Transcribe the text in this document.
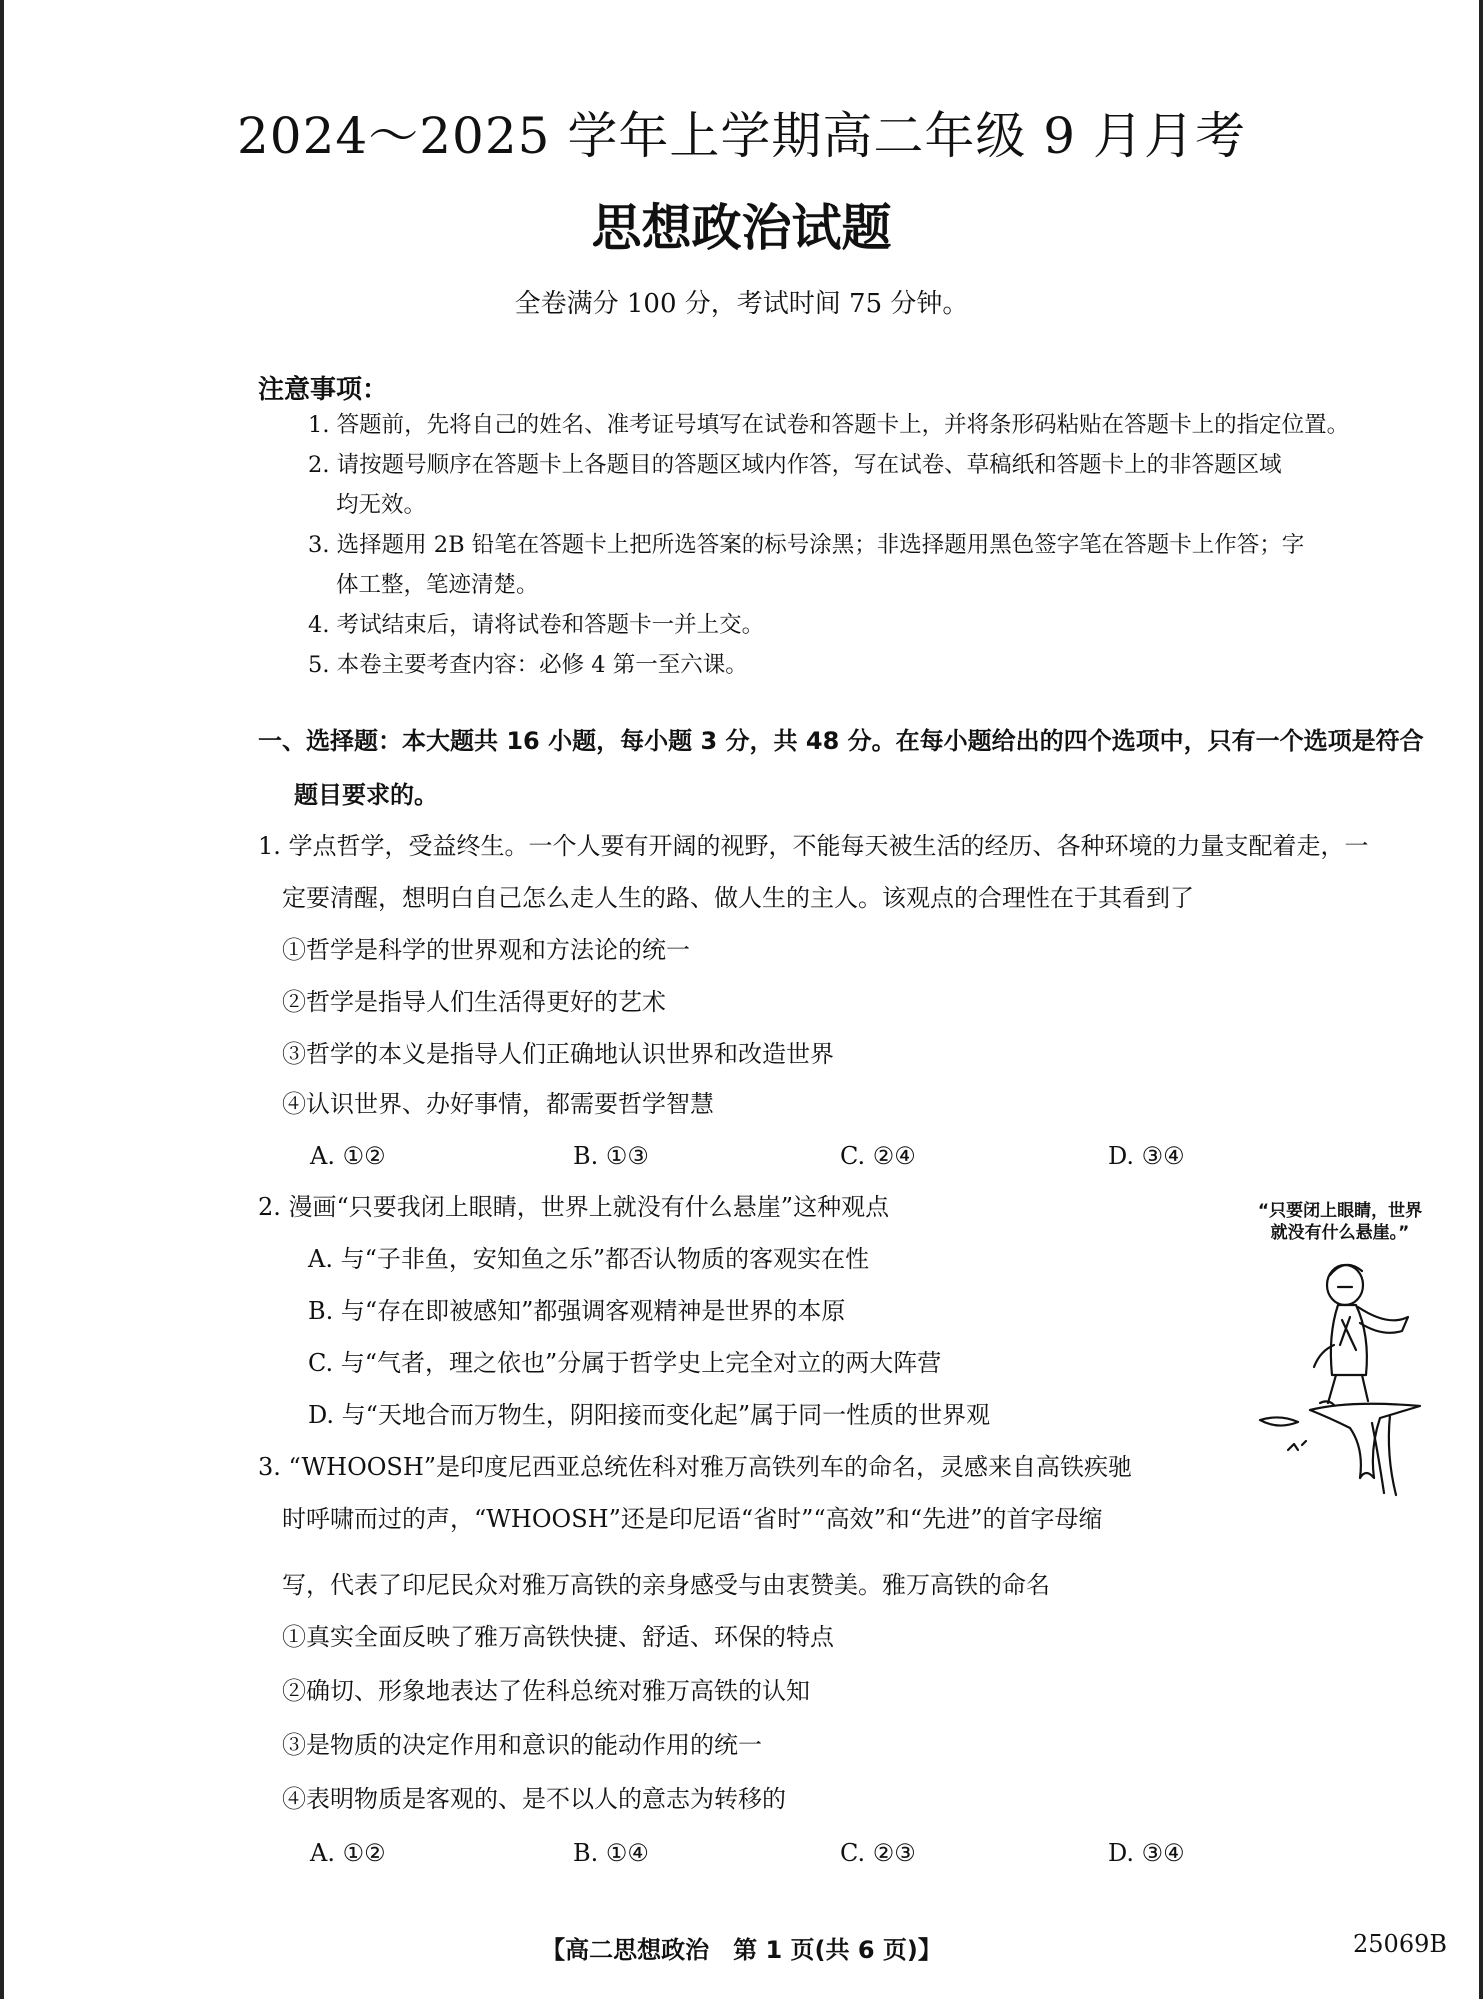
2024～2025 学年上学期高二年级 9 月月考
思想政治试题
全卷满分 100 分，考试时间 75 分钟。
注意事项：
1. 答题前，先将自己的姓名、准考证号填写在试卷和答题卡上，并将条形码粘贴在答题卡上的指定位置。
2. 请按题号顺序在答题卡上各题目的答题区域内作答，写在试卷、草稿纸和答题卡上的非答题区域
均无效。
3. 选择题用 2B 铅笔在答题卡上把所选答案的标号涂黑；非选择题用黑色签字笔在答题卡上作答；字
体工整，笔迹清楚。
4. 考试结束后，请将试卷和答题卡一并上交。
5. 本卷主要考查内容：必修 4 第一至六课。
一、选择题：本大题共 16 小题，每小题 3 分，共 48 分。在每小题给出的四个选项中，只有一个选项是符合
题目要求的。
1. 学点哲学，受益终生。一个人要有开阔的视野，不能每天被生活的经历、各种环境的力量支配着走，一
定要清醒，想明白自己怎么走人生的路、做人生的主人。该观点的合理性在于其看到了
①哲学是科学的世界观和方法论的统一
②哲学是指导人们生活得更好的艺术
③哲学的本义是指导人们正确地认识世界和改造世界
④认识世界、办好事情，都需要哲学智慧
A. ①②	B. ①③	C. ②④	D. ③④
2. 漫画“只要我闭上眼睛，世界上就没有什么悬崖”这种观点
A. 与“子非鱼，安知鱼之乐”都否认物质的客观实在性
B. 与“存在即被感知”都强调客观精神是世界的本原
C. 与“气者，理之依也”分属于哲学史上完全对立的两大阵营
D. 与“天地合而万物生，阴阳接而变化起”属于同一性质的世界观
“只要闭上眼睛，世界
就没有什么悬崖。”
3. “WHOOSH”是印度尼西亚总统佐科对雅万高铁列车的命名，灵感来自高铁疾驰
时呼啸而过的声，“WHOOSH”还是印尼语“省时”“高效”和“先进”的首字母缩
写，代表了印尼民众对雅万高铁的亲身感受与由衷赞美。雅万高铁的命名
①真实全面反映了雅万高铁快捷、舒适、环保的特点
②确切、形象地表达了佐科总统对雅万高铁的认知
③是物质的决定作用和意识的能动作用的统一
④表明物质是客观的、是不以人的意志为转移的
A. ①②	B. ①④	C. ②③	D. ③④
【高二思想政治　第 1 页(共 6 页)】	25069B
